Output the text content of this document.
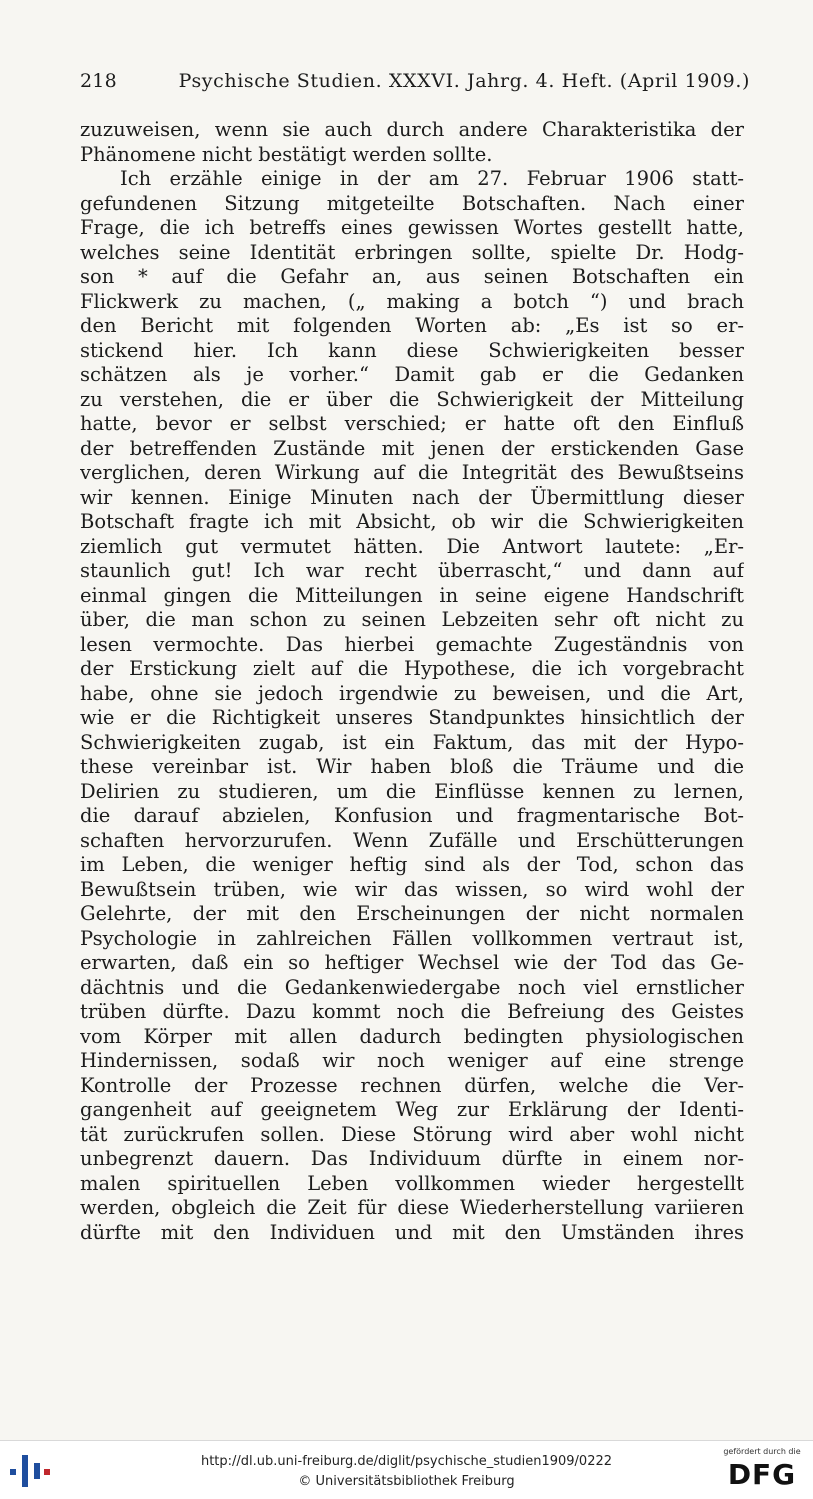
218	Psychische Studien. XXXVI. Jahrg. 4. Heft. (April 1909.)
zuzuweisen, wenn sie auch durch andere Charakteristika der
Phänomene nicht bestätigt werden sollte.
Ich erzähle einige in der am 27. Februar 1906 statt-
gefundenen Sitzung mitgeteilte Botschaften. Nach einer
Frage, die ich betreffs eines gewissen Wortes gestellt hatte,
welches seine Identität erbringen sollte, spielte Dr. Hodg-
son * auf die Gefahr an, aus seinen Botschaften ein
Flickwerk zu machen, („ making a botch “) und brach
den Bericht mit folgenden Worten ab: „Es ist so er-
stickend hier. Ich kann diese Schwierigkeiten besser
schätzen als je vorher.“ Damit gab er die Gedanken
zu verstehen, die er über die Schwierigkeit der Mitteilung
hatte, bevor er selbst verschied; er hatte oft den Einfluß
der betreffenden Zustände mit jenen der erstickenden Gase
verglichen, deren Wirkung auf die Integrität des Bewußtseins
wir kennen. Einige Minuten nach der Übermittlung dieser
Botschaft fragte ich mit Absicht, ob wir die Schwierigkeiten
ziemlich gut vermutet hätten. Die Antwort lautete: „Er-
staunlich gut! Ich war recht überrascht,“ und dann auf
einmal gingen die Mitteilungen in seine eigene Handschrift
über, die man schon zu seinen Lebzeiten sehr oft nicht zu
lesen vermochte. Das hierbei gemachte Zugeständnis von
der Erstickung zielt auf die Hypothese, die ich vorgebracht
habe, ohne sie jedoch irgendwie zu beweisen, und die Art,
wie er die Richtigkeit unseres Standpunktes hinsichtlich der
Schwierigkeiten zugab, ist ein Faktum, das mit der Hypo-
these vereinbar ist. Wir haben bloß die Träume und die
Delirien zu studieren, um die Einflüsse kennen zu lernen,
die darauf abzielen, Konfusion und fragmentarische Bot-
schaften hervorzurufen. Wenn Zufälle und Erschütterungen
im Leben, die weniger heftig sind als der Tod, schon das
Bewußtsein trüben, wie wir das wissen, so wird wohl der
Gelehrte, der mit den Erscheinungen der nicht normalen
Psychologie in zahlreichen Fällen vollkommen vertraut ist,
erwarten, daß ein so heftiger Wechsel wie der Tod das Ge-
dächtnis und die Gedankenwiedergabe noch viel ernstlicher
trüben dürfte. Dazu kommt noch die Befreiung des Geistes
vom Körper mit allen dadurch bedingten physiologischen
Hindernissen, sodaß wir noch weniger auf eine strenge
Kontrolle der Prozesse rechnen dürfen, welche die Ver-
gangenheit auf geeignetem Weg zur Erklärung der Identi-
tät zurückrufen sollen. Diese Störung wird aber wohl nicht
unbegrenzt dauern. Das Individuum dürfte in einem nor-
malen spirituellen Leben vollkommen wieder hergestellt
werden, obgleich die Zeit für diese Wiederherstellung variieren
dürfte mit den Individuen und mit den Umständen ihres
http://dl.ub.uni-freiburg.de/diglit/psychische_studien1909/0222
© Universitätsbibliothek Freiburg
gefördert durch die
DFG
